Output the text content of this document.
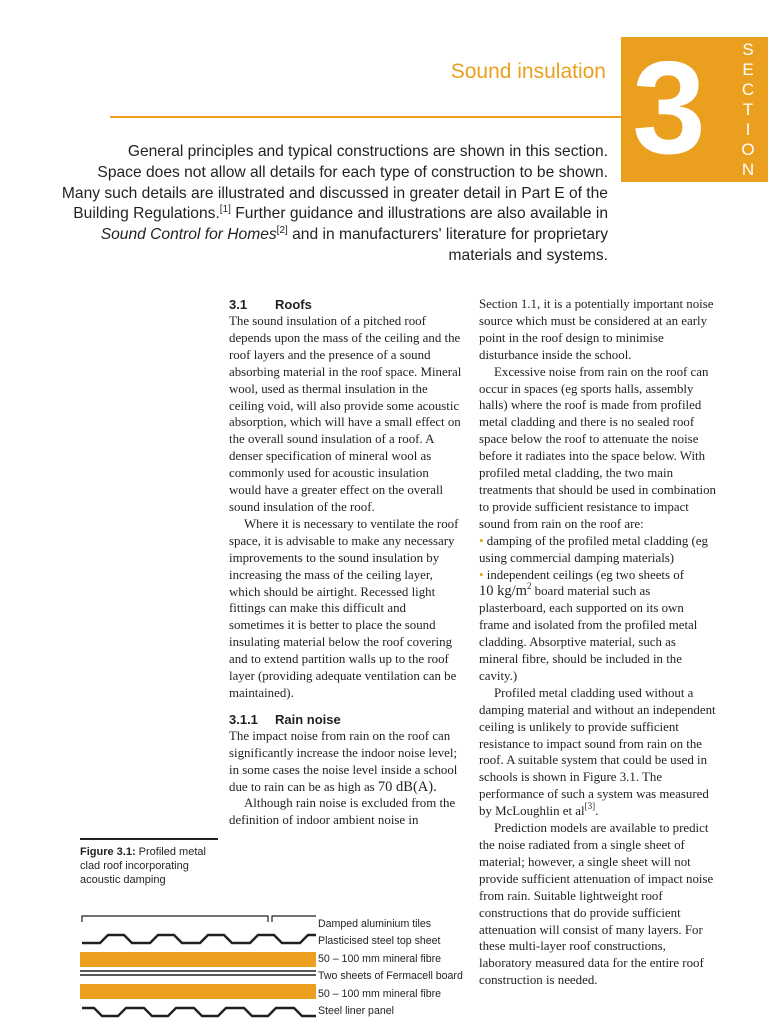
3	S
E
C
T
I
O
N
Sound insulation
General principles and typical constructions are shown in this section.
Space does not allow all details for each type of construction to be shown.
Many such details are illustrated and discussed in greater detail in Part E of the
Building Regulations.[1] Further guidance and illustrations are also available in
Sound Control for Homes[2] and in manufacturers' literature for proprietary
materials and systems.
3.1 Roofs

The sound insulation of a pitched roof depends upon the mass of the ceiling and the roof layers and the presence of a sound absorbing material in the roof space. Mineral wool, used as thermal insulation in the ceiling void, will also provide some acoustic absorption, which will have a small effect on the overall sound insulation of a roof. A denser specification of mineral wool as commonly used for acoustic insulation would have a greater effect on the overall sound insulation of the roof.

Where it is necessary to ventilate the roof space, it is advisable to make any necessary improvements to the sound insulation by increasing the mass of the ceiling layer, which should be airtight. Recessed light fittings can make this difficult and sometimes it is better to place the sound insulating material below the roof covering and to extend partition walls up to the roof layer (providing adequate ventilation can be maintained).

3.1.1 Rain noise

The impact noise from rain on the roof can significantly increase the indoor noise level; in some cases the noise level inside a school due to rain can be as high as 70 dB(A).

Although rain noise is excluded from the definition of indoor ambient noise in

Section 1.1, it is a potentially important noise source which must be considered at an early point in the roof design to minimise disturbance inside the school.

Excessive noise from rain on the roof can occur in spaces (eg sports halls, assembly halls) where the roof is made from profiled metal cladding and there is no sealed roof space below the roof to attenuate the noise before it radiates into the space below. With profiled metal cladding, the two main treatments that should be used in combination to provide sufficient resistance to impact sound from rain on the roof are:

• damping of the profiled metal cladding (eg using commercial damping materials)

• independent ceilings (eg two sheets of
10 $kg/m^2$ board material such as plasterboard, each supported on its own frame and isolated from the profiled metal cladding. Absorptive material, such as mineral fibre, should be included in the cavity.)

Profiled metal cladding used without a damping material and without an independent ceiling is unlikely to provide sufficient resistance to impact sound from rain on the roof. A suitable system that could be used in schools is shown in Figure 3.1. The performance of such a system was measured by McLoughlin et al[3].

Prediction models are available to predict the noise radiated from a single sheet of material; however, a single sheet will not provide sufficient attenuation of impact noise from rain. Suitable lightweight roof constructions that do provide sufficient attenuation will consist of many layers. For these multi-layer roof constructions, laboratory measured data for the entire roof construction is needed.

Figure 3.1: Profiled metal clad roof incorporating acoustic damping
Damped aluminium tiles
Plasticised steel top sheet
50 – 100 mm mineral fibre
Two sheets of Fermacell board
50 – 100 mm mineral fibre
Steel liner panel
